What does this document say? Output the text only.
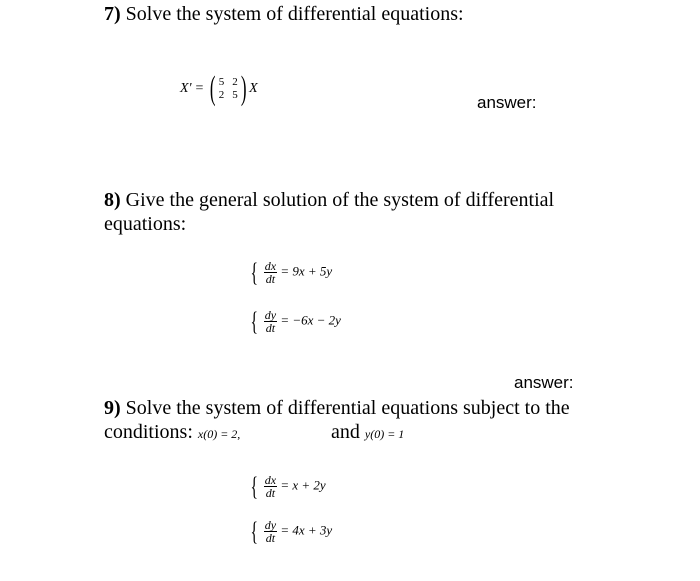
7) Solve the system of differential equations:
X' = ( 5 2
2 5 ) X
answer:
8) Give the general solution of the system of differential
equations:
{ $\frac{dx}{dt} = 9x + 5y$
{ $\frac{dy}{dt} = -6x - 2y$
answer:
9) Solve the system of differential equations subject to the
conditions: x(0) = 2,	and y(0) = 1
{ $\frac{dx}{dt} = x + 2y$
{ $\frac{dy}{dt} = 4x + 3y$
